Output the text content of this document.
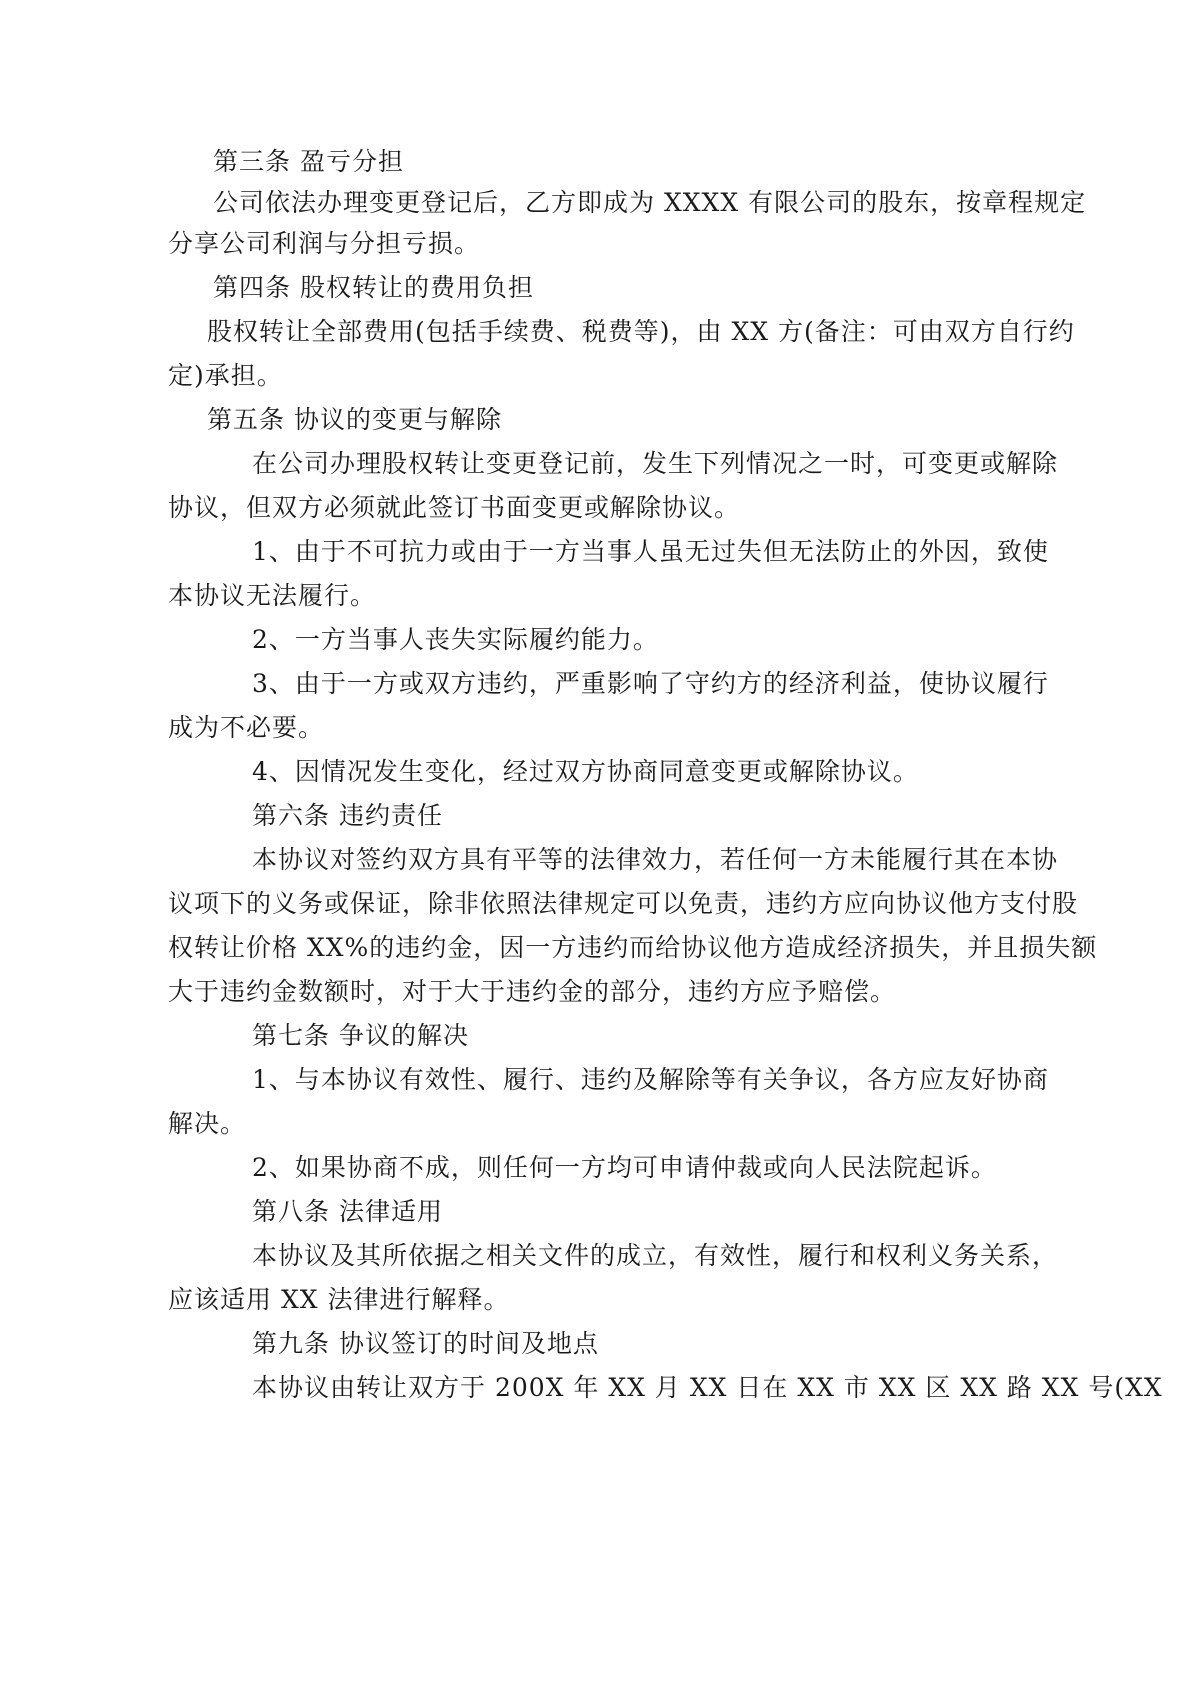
第三条 盈亏分担
公司依法办理变更登记后，乙方即成为 XXXX 有限公司的股东，按章程规定
分享公司利润与分担亏损。
第四条 股权转让的费用负担
股权转让全部费用(包括手续费、税费等)，由 XX 方(备注：可由双方自行约
定)承担。
第五条 协议的变更与解除
在公司办理股权转让变更登记前，发生下列情况之一时，可变更或解除
协议，但双方必须就此签订书面变更或解除协议。
1、由于不可抗力或由于一方当事人虽无过失但无法防止的外因，致使
本协议无法履行。
2、一方当事人丧失实际履约能力。
3、由于一方或双方违约，严重影响了守约方的经济利益，使协议履行
成为不必要。
4、因情况发生变化，经过双方协商同意变更或解除协议。
第六条 违约责任
本协议对签约双方具有平等的法律效力，若任何一方未能履行其在本协
议项下的义务或保证，除非依照法律规定可以免责，违约方应向协议他方支付股
权转让价格 XX%的违约金，因一方违约而给协议他方造成经济损失，并且损失额
大于违约金数额时，对于大于违约金的部分，违约方应予赔偿。
第七条 争议的解决
1、与本协议有效性、履行、违约及解除等有关争议，各方应友好协商
解决。
2、如果协商不成，则任何一方均可申请仲裁或向人民法院起诉。
第八条 法律适用
本协议及其所依据之相关文件的成立，有效性，履行和权利义务关系，
应该适用 XX 法律进行解释。
第九条 协议签订的时间及地点
本协议由转让双方于 200X 年 XX 月 XX 日在 XX 市 XX 区 XX 路 XX 号(XX
